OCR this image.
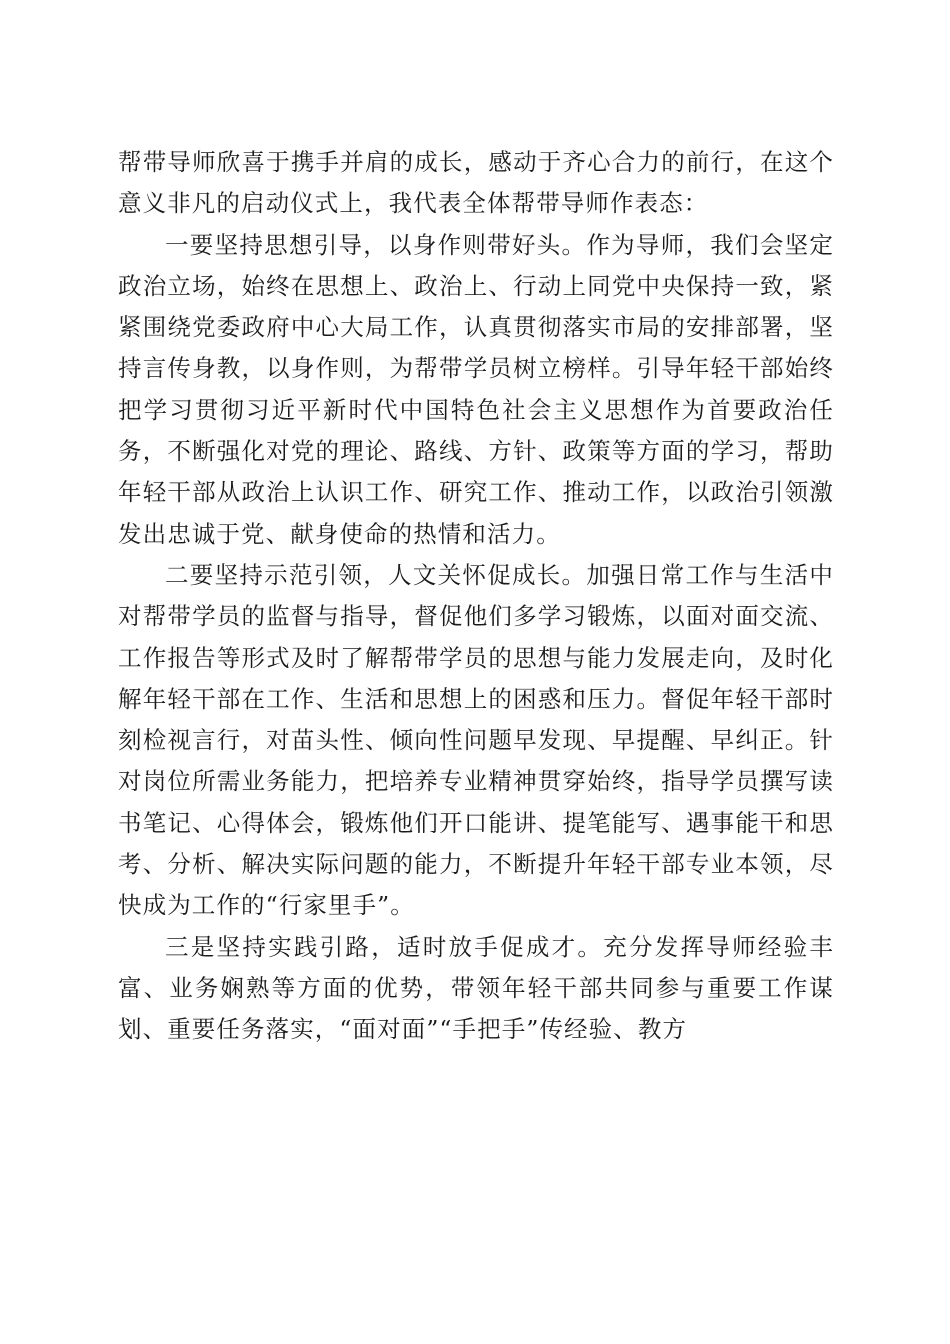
帮带导师欣喜于携手并肩的成长，感动于齐心合力的前行，在这个意义非凡的启动仪式上，我代表全体帮带导师作表态：

一要坚持思想引导，以身作则带好头。作为导师，我们会坚定政治立场，始终在思想上、政治上、行动上同党中央保持一致，紧紧围绕党委政府中心大局工作，认真贯彻落实市局的安排部署，坚持言传身教，以身作则，为帮带学员树立榜样。引导年轻干部始终把学习贯彻习近平新时代中国特色社会主义思想作为首要政治任务，不断强化对党的理论、路线、方针、政策等方面的学习，帮助年轻干部从政治上认识工作、研究工作、推动工作，以政治引领激发出忠诚于党、献身使命的热情和活力。

二要坚持示范引领，人文关怀促成长。加强日常工作与生活中对帮带学员的监督与指导，督促他们多学习锻炼，以面对面交流、工作报告等形式及时了解帮带学员的思想与能力发展走向，及时化解年轻干部在工作、生活和思想上的困惑和压力。督促年轻干部时刻检视言行，对苗头性、倾向性问题早发现、早提醒、早纠正。针对岗位所需业务能力，把培养专业精神贯穿始终，指导学员撰写读书笔记、心得体会，锻炼他们开口能讲、提笔能写、遇事能干和思考、分析、解决实际问题的能力，不断提升年轻干部专业本领，尽快成为工作的“行家里手”。

三是坚持实践引路，适时放手促成才。充分发挥导师经验丰富、业务娴熟等方面的优势，带领年轻干部共同参与重要工作谋划、重要任务落实，“面对面”“手把手”传经验、教方
